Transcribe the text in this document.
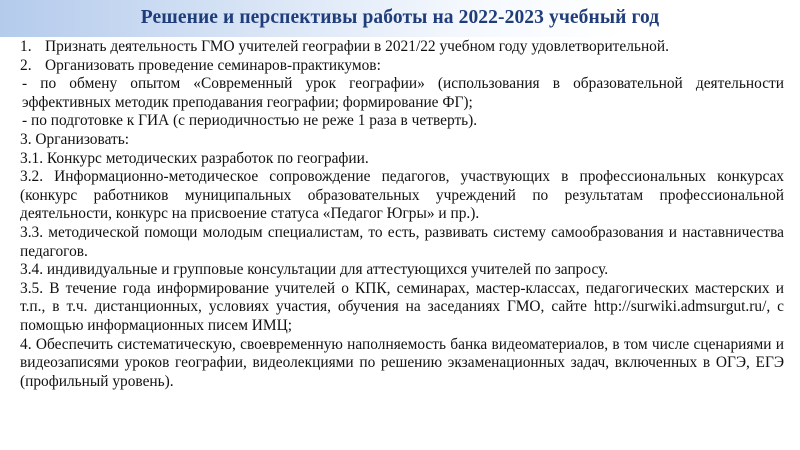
Решение и перспективы работы на 2022-2023 учебный год

1. Признать деятельность ГМО учителей географии в 2021/22 учебном году удовлетворительной.

2. Организовать проведение семинаров-практикумов:

- по обмену опытом «Современный урок географии» (использования в образовательной деятельности эффективных методик преподавания географии; формирование ФГ);

- по подготовке к ГИА (с периодичностью не реже 1 раза в четверть).

3. Организовать:

3.1. Конкурс методических разработок по географии.

3.2. Информационно-методическое сопровождение педагогов, участвующих в профессиональных конкурсах (конкурс работников муниципальных образовательных учреждений по результатам профессиональной деятельности, конкурс на присвоение статуса «Педагог Югры» и пр.).

3.3. методической помощи молодым специалистам, то есть, развивать систему самообразования и наставничества педагогов.

3.4. индивидуальные и групповые консультации для аттестующихся учителей по запросу.

3.5. В течение года информирование учителей о КПК, семинарах, мастер-классах, педагогических мастерских и т.п., в т.ч. дистанционных, условиях участия, обучения на заседаниях ГМО, сайте http://surwiki.admsurgut.ru/, с помощью информационных писем ИМЦ;

4. Обеспечить систематическую, своевременную наполняемость банка видеоматериалов, в том числе сценариями и видеозаписями уроков географии, видеолекциями по решению экзаменационных задач, включенных в ОГЭ, ЕГЭ (профильный уровень).
